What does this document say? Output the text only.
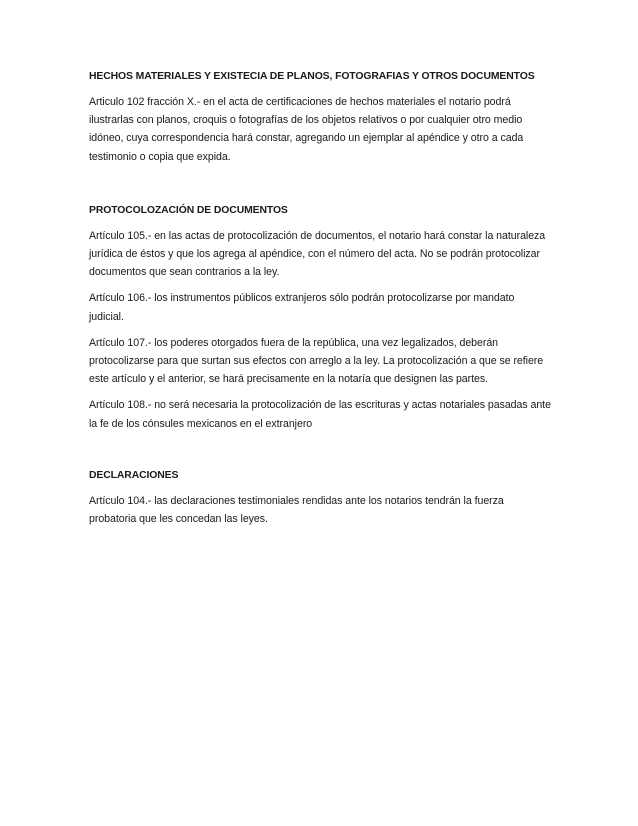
HECHOS MATERIALES Y EXISTECIA DE PLANOS, FOTOGRAFIAS Y OTROS DOCUMENTOS

Articulo 102 fracción X.- en el acta de certificaciones de hechos materiales el notario podrá ilustrarlas con planos, croquis o fotografías de los objetos relativos o por cualquier otro medio idóneo, cuya correspondencia hará constar, agregando un ejemplar al apéndice y otro a cada testimonio o copia que expida.

PROTOCOLOZACIÓN DE DOCUMENTOS

Artículo 105.- en las actas de protocolización de documentos, el notario hará constar la naturaleza jurídica de éstos y que los agrega al apéndice, con el número del acta. No se podrán protocolizar documentos que sean contrarios a la ley.

Artículo 106.- los instrumentos públicos extranjeros sólo podrán protocolizarse por mandato judicial.

Artículo 107.- los poderes otorgados fuera de la república, una vez legalizados, deberán protocolizarse para que surtan sus efectos con arreglo a la ley. La protocolización a que se refiere este artículo y el anterior, se hará precisamente en la notaría que designen las partes.

Artículo 108.- no será necesaria la protocolización de las escrituras y actas notariales pasadas ante la fe de los cónsules mexicanos en el extranjero

DECLARACIONES

Artículo 104.- las declaraciones testimoniales rendidas ante los notarios tendrán la fuerza probatoria que les concedan las leyes.
